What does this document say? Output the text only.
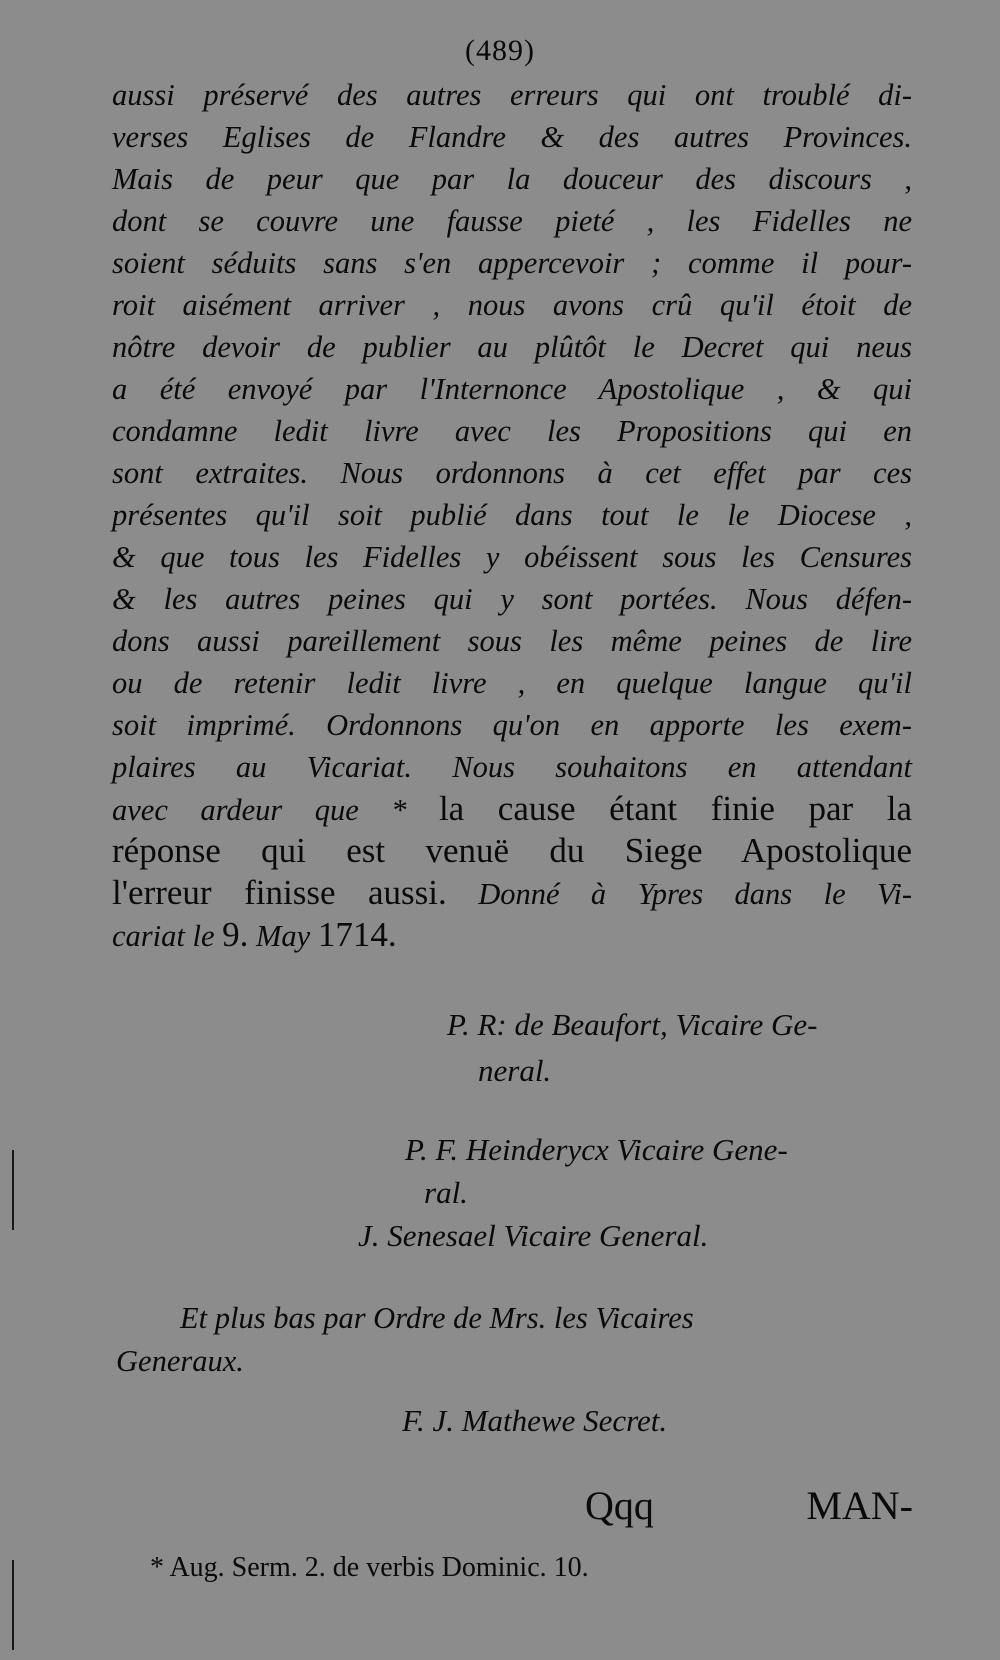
(489)
aussi préservé des autres erreurs qui ont troublé di-
verses Eglises de Flandre & des autres Provinces.
Mais de peur que par la douceur des discours ,
dont se couvre une fausse pieté , les Fidelles ne
soient séduits sans s'en appercevoir ; comme il pour-
roit aisément arriver , nous avons crû qu'il étoit de
nôtre devoir de publier au plûtôt le Decret qui neus
a été envoyé par l'Internonce Apostolique , & qui
condamne ledit livre avec les Propositions qui en
sont extraites. Nous ordonnons à cet effet par ces
présentes qu'il soit publié dans tout le le Diocese ,
& que tous les Fidelles y obéissent sous les Censures
& les autres peines qui y sont portées. Nous défen-
dons aussi pareillement sous les même peines de lire
ou de retenir ledit livre , en quelque langue qu'il
soit imprimé. Ordonnons qu'on en apporte les exem-
plaires au Vicariat. Nous souhaitons en attendant
avec ardeur que * la cause étant finie par la
réponse qui est venuë du Siege Apostolique
l'erreur finisse aussi. Donné à Ypres dans le Vi-
cariat le 9. May 1714.
P. R: de Beaufort, Vicaire Ge-
neral.
P. F. Heinderycx Vicaire Gene-
ral.
J. Senesael Vicaire General.
Et plus bas par Ordre de Mrs. les Vicaires
Generaux.
F. J. Mathewe Secret.
Qqq	MAN-
* Aug. Serm. 2. de verbis Dominic. 10.
